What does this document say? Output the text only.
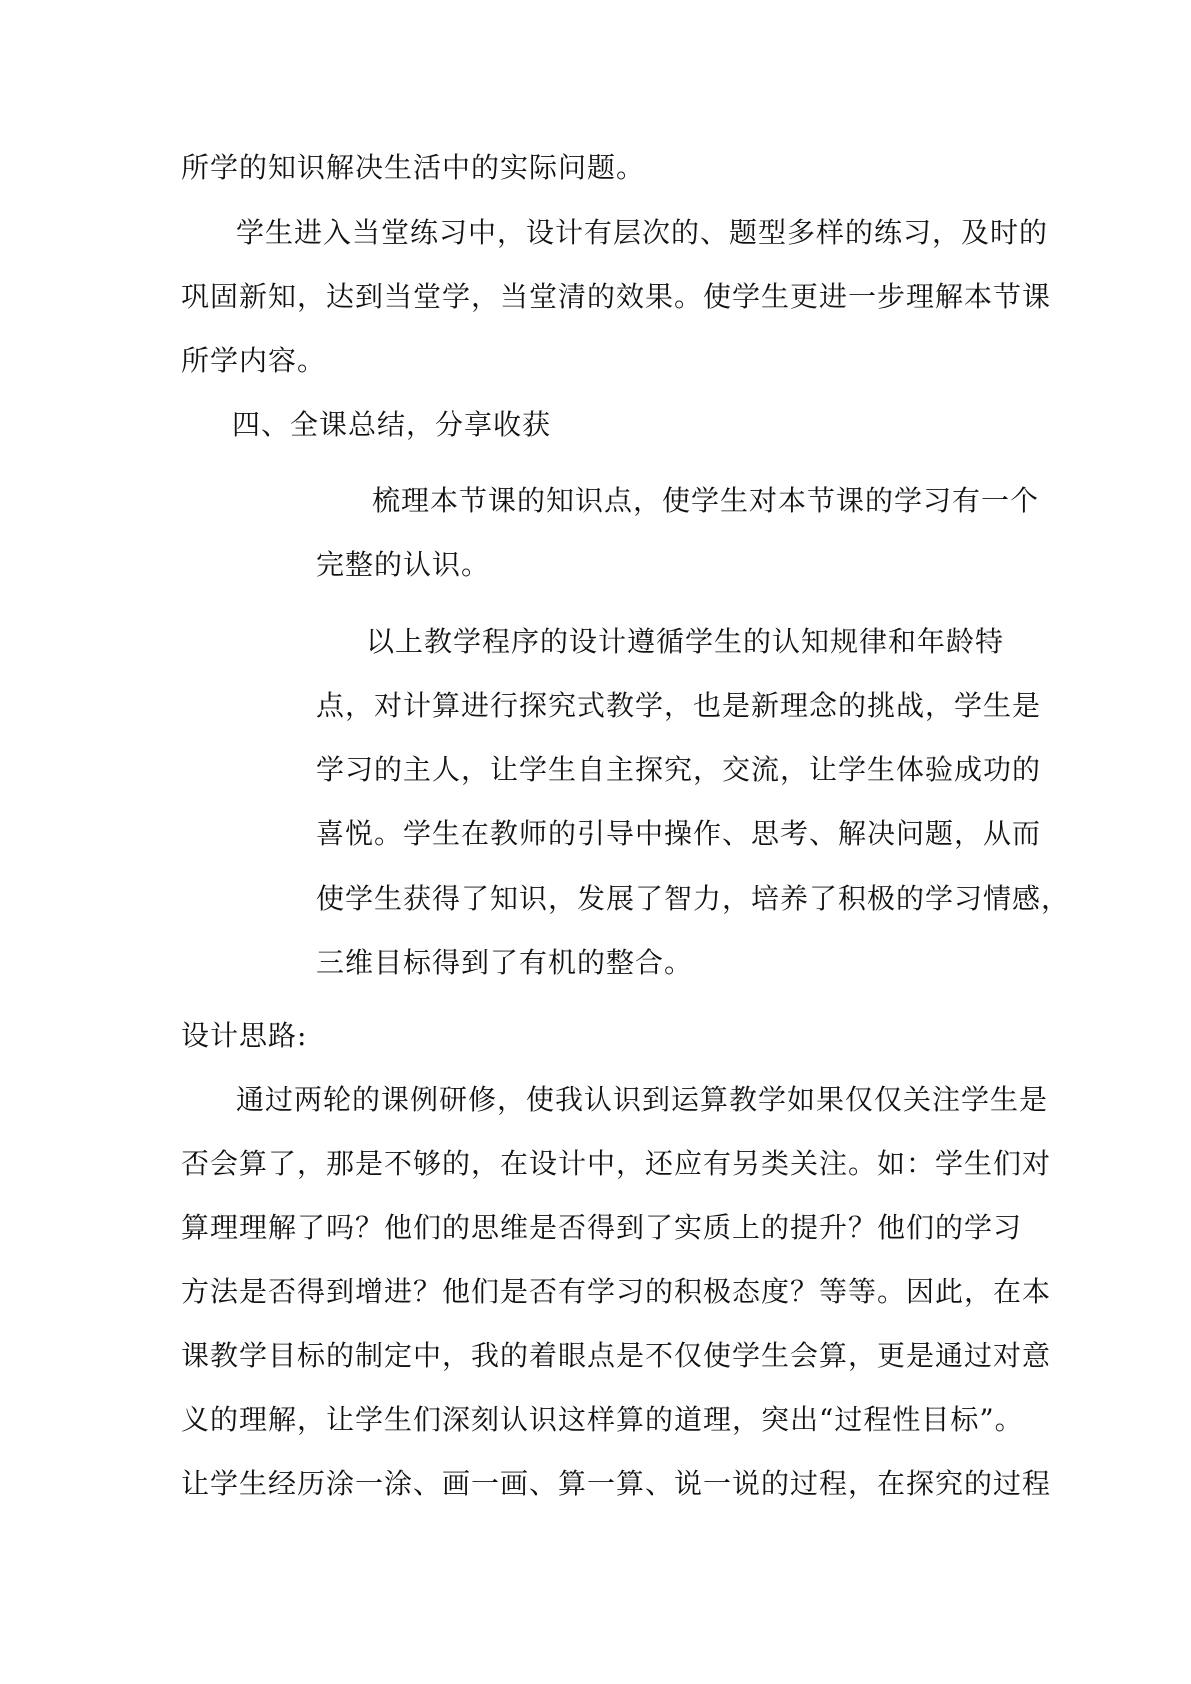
所学的知识解决生活中的实际问题。
学生进入当堂练习中，设计有层次的、题型多样的练习，及时的
巩固新知，达到当堂学，当堂清的效果。使学生更进一步理解本节课
所学内容。
四、全课总结，分享收获
梳理本节课的知识点，使学生对本节课的学习有一个
完整的认识。
以上教学程序的设计遵循学生的认知规律和年龄特
点，对计算进行探究式教学，也是新理念的挑战，学生是
学习的主人，让学生自主探究，交流，让学生体验成功的
喜悦。学生在教师的引导中操作、思考、解决问题，从而
使学生获得了知识，发展了智力，培养了积极的学习情感，
三维目标得到了有机的整合。
设计思路:
通过两轮的课例研修，使我认识到运算教学如果仅仅关注学生是
否会算了，那是不够的，在设计中，还应有另类关注。如：学生们对
算理理解了吗？他们的思维是否得到了实质上的提升？他们的学习
方法是否得到增进？他们是否有学习的积极态度？等等。因此，在本
课教学目标的制定中，我的着眼点是不仅使学生会算，更是通过对意
义的理解，让学生们深刻认识这样算的道理，突出“过程性目标”。
让学生经历涂一涂、画一画、算一算、说一说的过程，在探究的过程
